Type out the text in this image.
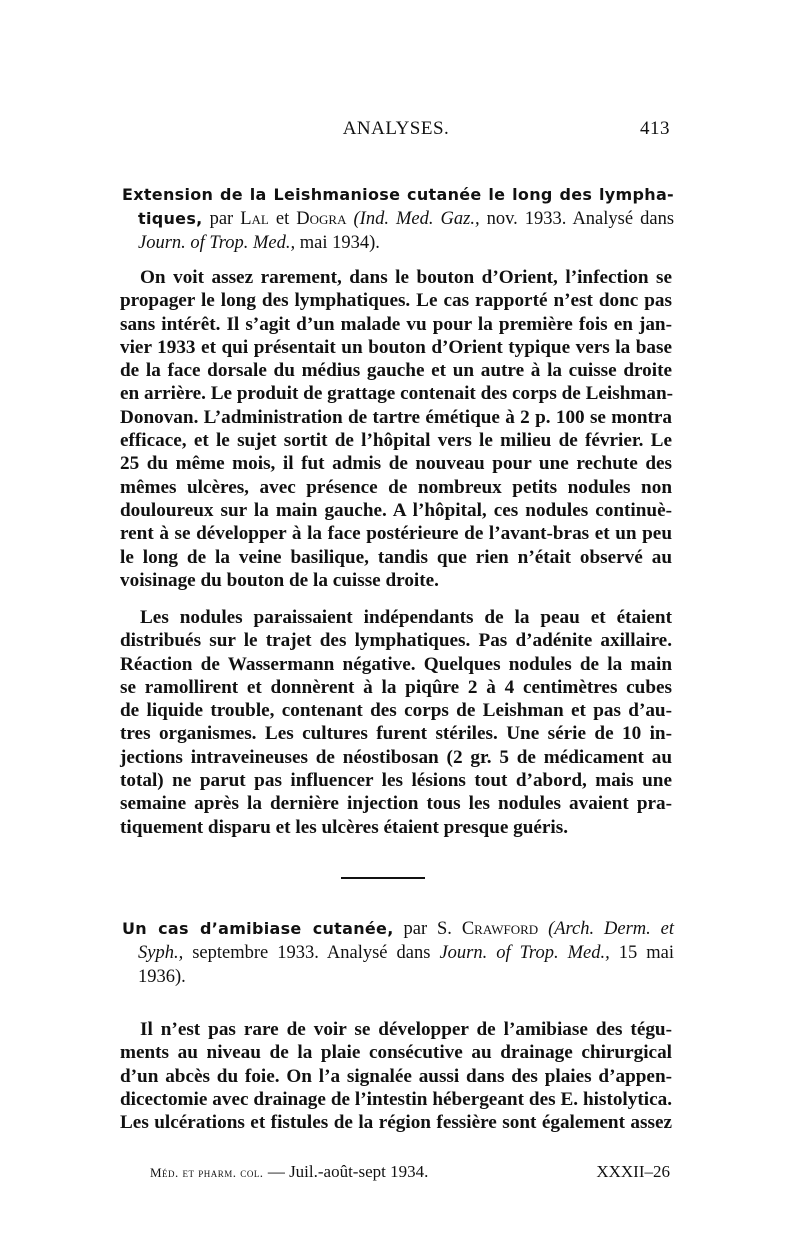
ANALYSES.	413
Extension de la Leishmaniose cutanée le long des lympha- tiques, par Lal et Dogra (Ind. Med. Gaz., nov. 1933. Analysé dans Journ. of Trop. Med., mai 1934).
On voit assez rarement, dans le bouton d’Orient, l’infection se
propager le long des lymphatiques. Le cas rapporté n’est donc pas
sans intérêt. Il s’agit d’un malade vu pour la première fois en jan-
vier 1933 et qui présentait un bouton d’Orient typique vers la base
de la face dorsale du médius gauche et un autre à la cuisse droite
en arrière. Le produit de grattage contenait des corps de Leishman-
Donovan. L’administration de tartre émétique à 2 p. 100 se montra
efficace, et le sujet sortit de l’hôpital vers le milieu de février. Le
25 du même mois, il fut admis de nouveau pour une rechute des
mêmes ulcères, avec présence de nombreux petits nodules non
douloureux sur la main gauche. A l’hôpital, ces nodules continuè-
rent à se développer à la face postérieure de l’avant-bras et un peu
le long de la veine basilique, tandis que rien n’était observé au
voisinage du bouton de la cuisse droite.
Les nodules paraissaient indépendants de la peau et étaient
distribués sur le trajet des lymphatiques. Pas d’adénite axillaire.
Réaction de Wassermann négative. Quelques nodules de la main
se ramollirent et donnèrent à la piqûre 2 à 4 centimètres cubes
de liquide trouble, contenant des corps de Leishman et pas d’au-
tres organismes. Les cultures furent stériles. Une série de 10 in-
jections intraveineuses de néostibosan (2 gr. 5 de médicament au
total) ne parut pas influencer les lésions tout d’abord, mais une
semaine après la dernière injection tous les nodules avaient pra-
tiquement disparu et les ulcères étaient presque guéris.
Un cas d’amibiase cutanée, par S. Crawford (Arch. Derm. et Syph., septembre 1933. Analysé dans Journ. of Trop. Med., 15 mai 1936).
Il n’est pas rare de voir se développer de l’amibiase des tégu-
ments au niveau de la plaie consécutive au drainage chirurgical
d’un abcès du foie. On l’a signalée aussi dans des plaies d’appen-
dicectomie avec drainage de l’intestin hébergeant des E. histolytica.
Les ulcérations et fistules de la région fessière sont également assez
Méd. et pharm. col. — Juil.-août-sept 1934.	XXXII–26
